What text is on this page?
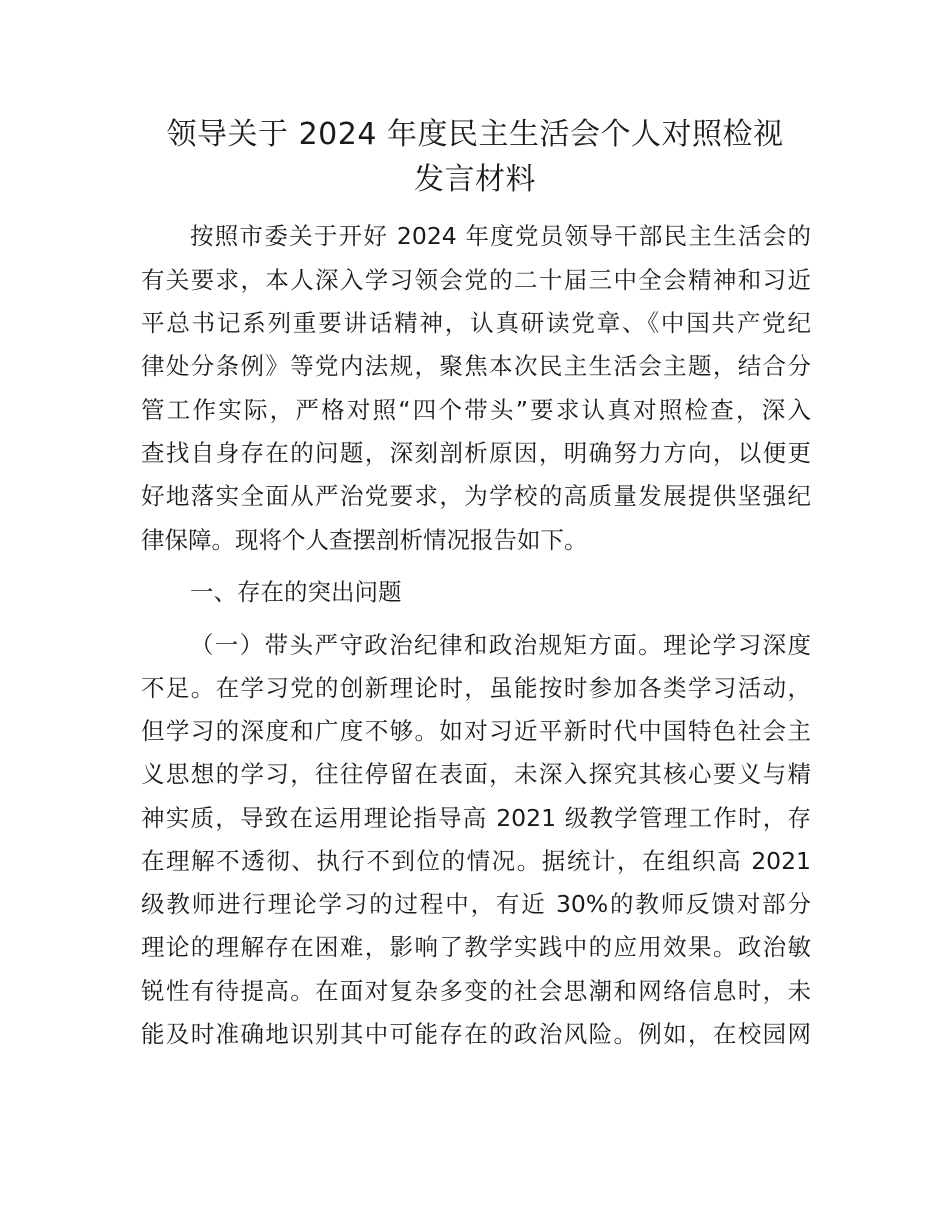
领导关于 2024 年度民主生活会个人对照检视
发言材料

按照市委关于开好 2024 年度党员领导干部民主生活会的

有关要求，本人深入学习领会党的二十届三中全会精神和习近

平总书记系列重要讲话精神，认真研读党章、《中国共产党纪

律处分条例》等党内法规，聚焦本次民主生活会主题，结合分

管工作实际，严格对照“四个带头”要求认真对照检查，深入

查找自身存在的问题，深刻剖析原因，明确努力方向，以便更

好地落实全面从严治党要求，为学校的高质量发展提供坚强纪

律保障。现将个人查摆剖析情况报告如下。

一、存在的突出问题

（一）带头严守政治纪律和政治规矩方面。理论学习深度

不足。在学习党的创新理论时，虽能按时参加各类学习活动，

但学习的深度和广度不够。如对习近平新时代中国特色社会主

义思想的学习，往往停留在表面，未深入探究其核心要义与精

神实质，导致在运用理论指导高 2021 级教学管理工作时，存

在理解不透彻、执行不到位的情况。据统计，在组织高 2021

级教师进行理论学习的过程中，有近 30%的教师反馈对部分

理论的理解存在困难，影响了教学实践中的应用效果。政治敏

锐性有待提高。在面对复杂多变的社会思潮和网络信息时，未

能及时准确地识别其中可能存在的政治风险。例如，在校园网
